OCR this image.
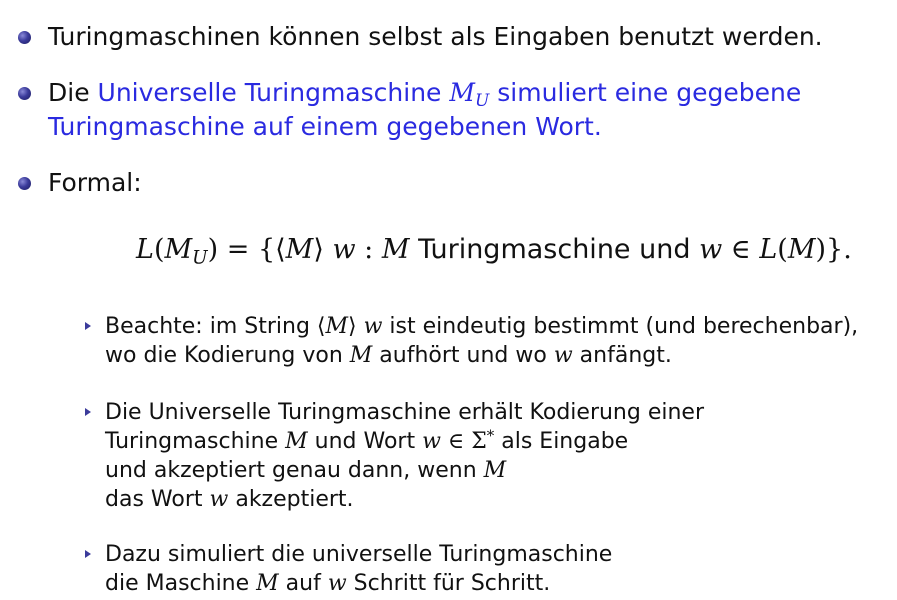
Turingmaschinen können selbst als Eingaben benutzt werden.
Die Universelle Turingmaschine $M_U$ simuliert eine gegebene
Turingmaschine auf einem gegebenen Wort.
Formal:
$L(M_U)$ = {⟨M⟩ w : M Turingmaschine und w ∈ L(M)}.
Beachte: im String ⟨M⟩ w ist eindeutig bestimmt (und berechenbar),
wo die Kodierung von M aufhört und wo w anfängt.
Die Universelle Turingmaschine erhält Kodierung einer
Turingmaschine M und Wort w ∈ Σ* als Eingabe
und akzeptiert genau dann, wenn M
das Wort w akzeptiert.
Dazu simuliert die universelle Turingmaschine
die Maschine M auf w Schritt für Schritt.
